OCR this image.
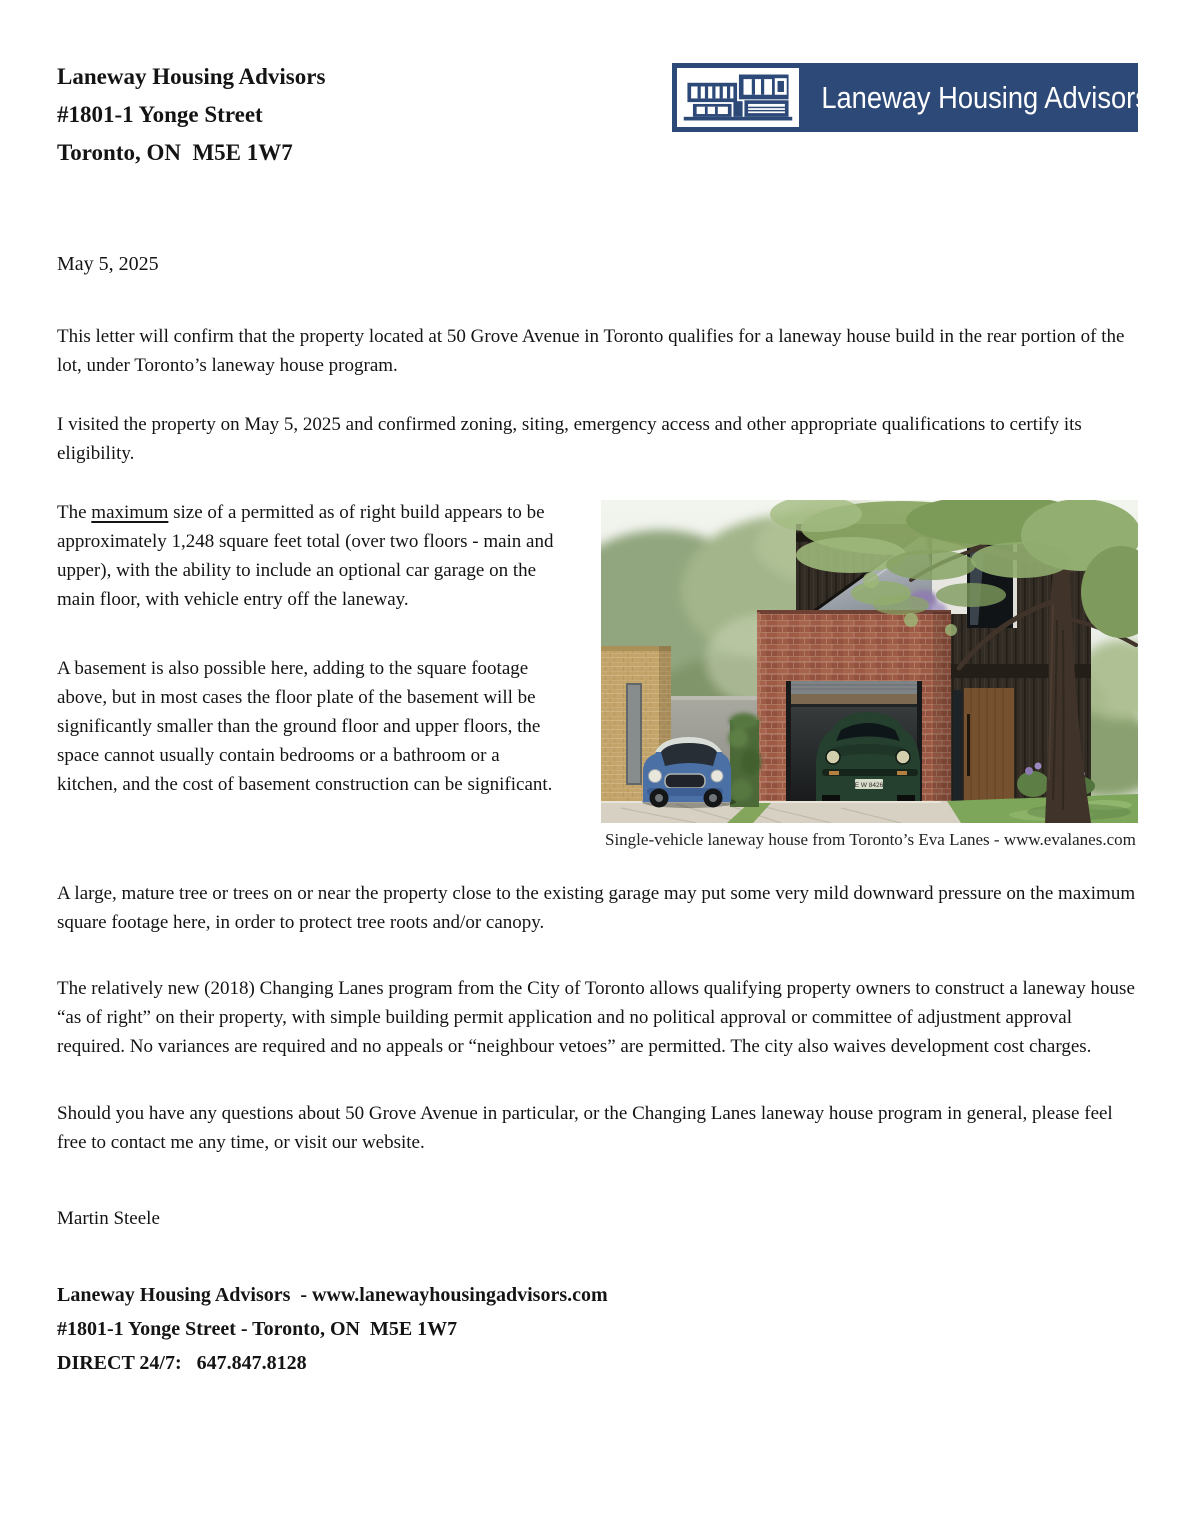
Laneway Housing Advisors
#1801-1 Yonge Street
Toronto, ON  M5E 1W7
Laneway Housing Advisors
May 5, 2025

This letter will confirm that the property located at 50 Grove Avenue in Toronto qualifies for a laneway house build in the rear portion of the lot, under Toronto’s laneway house program.

I visited the property on May 5, 2025 and confirmed zoning, siting, emergency access and other appropriate qualifications to certify its eligibility.

E W 8426
Single-vehicle laneway house from Toronto’s Eva Lanes - www.evalanes.com

The maximum size of a permitted as of right build appears to be approximately 1,248 square feet total (over two floors - main and upper), with the ability to include an optional car garage on the main floor, with vehicle entry off the laneway.

A basement is also possible here, adding to the square footage above, but in most cases the floor plate of the basement will be significantly smaller than the ground floor and upper floors, the space cannot usually contain bedrooms or a bathroom or a kitchen, and the cost of basement construction can be significant.

A large, mature tree or trees on or near the property close to the existing garage may put some very mild downward pressure on the maximum square footage here, in order to protect tree roots and/or canopy.

The relatively new (2018) Changing Lanes program from the City of Toronto allows qualifying property owners to construct a laneway house “as of right” on their property, with simple building permit application and no political approval or committee of adjustment approval required. No variances are required and no appeals or “neighbour vetoes” are permitted. The city also waives development cost charges.

Should you have any questions about 50 Grove Avenue in particular, or the Changing Lanes laneway house program in general, please feel free to contact me any time, or visit our website.

Martin Steele

Laneway Housing Advisors  - www.lanewayhousingadvisors.com
#1801-1 Yonge Street - Toronto, ON  M5E 1W7
DIRECT 24/7:   647.847.8128
